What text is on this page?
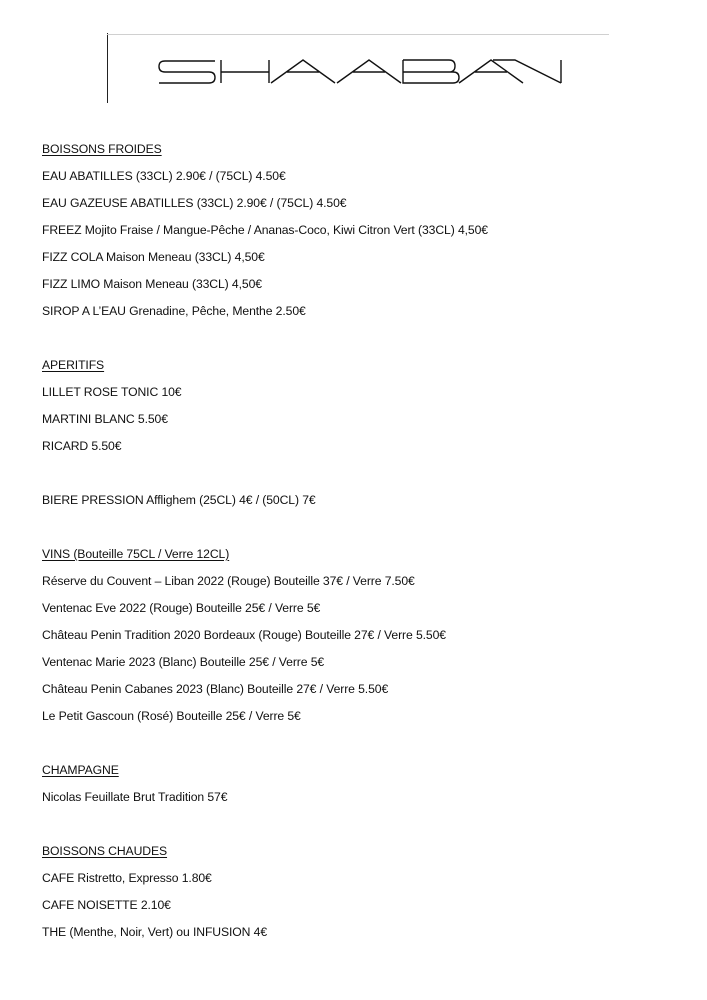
BOISSONS FROIDES
EAU ABATILLES (33CL) 2.90€ / (75CL) 4.50€
EAU GAZEUSE ABATILLES (33CL) 2.90€ / (75CL) 4.50€
FREEZ Mojito Fraise / Mangue-Pêche / Ananas-Coco, Kiwi Citron Vert (33CL) 4,50€
FIZZ COLA Maison Meneau (33CL) 4,50€
FIZZ LIMO Maison Meneau (33CL) 4,50€
SIROP A L’EAU Grenadine, Pêche, Menthe 2.50€
APERITIFS
LILLET ROSE TONIC 10€
MARTINI BLANC 5.50€
RICARD 5.50€
BIERE PRESSION Afflighem (25CL) 4€ / (50CL) 7€
VINS (Bouteille 75CL / Verre 12CL)
Réserve du Couvent – Liban 2022 (Rouge) Bouteille 37€ / Verre 7.50€
Ventenac Eve 2022 (Rouge) Bouteille 25€ / Verre 5€
Château Penin Tradition 2020 Bordeaux (Rouge) Bouteille 27€ / Verre 5.50€
Ventenac Marie 2023 (Blanc) Bouteille 25€ / Verre 5€
Château Penin Cabanes 2023 (Blanc) Bouteille 27€ / Verre 5.50€
Le Petit Gascoun (Rosé) Bouteille 25€ / Verre 5€
CHAMPAGNE
Nicolas Feuillate Brut Tradition 57€
BOISSONS CHAUDES
CAFE Ristretto, Expresso 1.80€
CAFE NOISETTE 2.10€
THE (Menthe, Noir, Vert) ou INFUSION 4€
